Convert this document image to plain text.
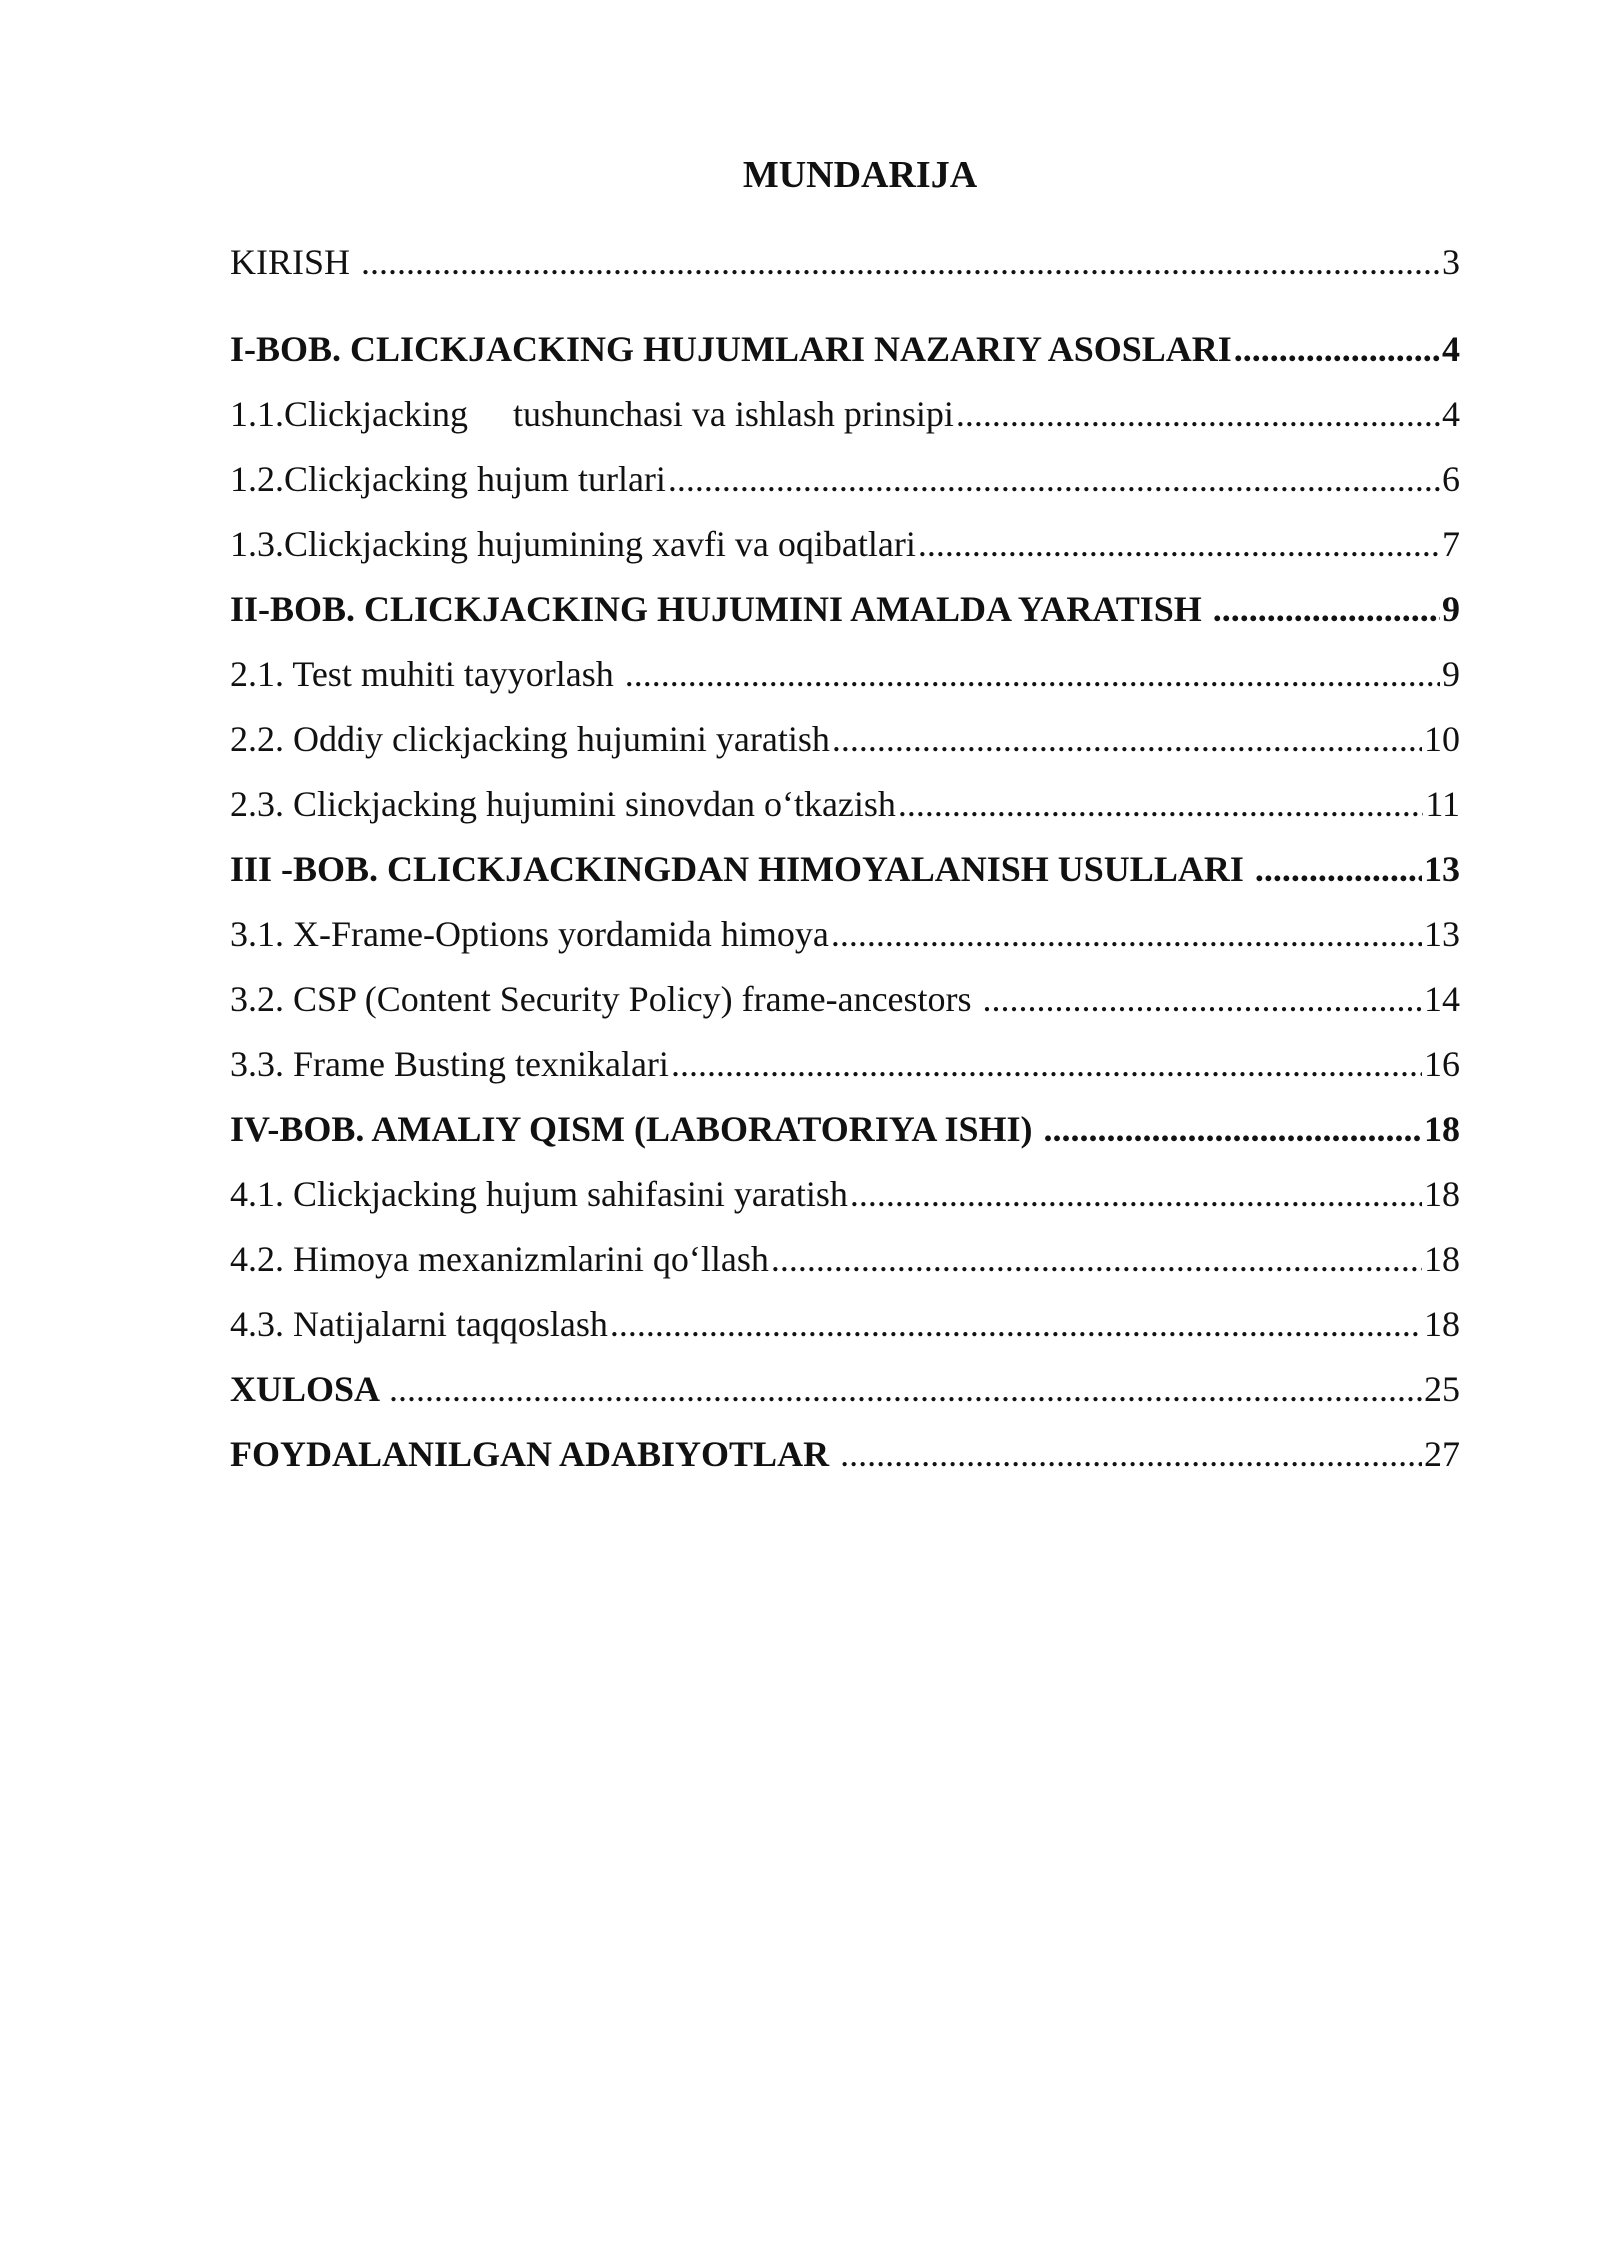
MUNDARIJA
KIRISH .....	3
I-BOB. CLICKJACKING HUJUMLARI NAZARIY ASOSLARI .....	4
1.1.Clickjacking     tushunchasi va ishlash prinsipi .....	4
1.2.Clickjacking hujum turlari .....	6
1.3.Clickjacking hujumining xavfi va oqibatlari .....	7
II-BOB. CLICKJACKING HUJUMINI AMALDA YARATISH .....	9
2.1. Test muhiti tayyorlash .....	9
2.2. Oddiy clickjacking hujumini yaratish .....	10
2.3. Clickjacking hujumini sinovdan o‘tkazish .....	11
III -BOB. CLICKJACKINGDAN HIMOYALANISH USULLARI .....	13
3.1. X-Frame-Options yordamida himoya .....	13
3.2. CSP (Content Security Policy) frame-ancestors .....	14
3.3. Frame Busting texnikalari .....	16
IV-BOB. AMALIY QISM (LABORATORIYA ISHI) .....	18
4.1. Clickjacking hujum sahifasini yaratish .....	18
4.2. Himoya mexanizmlarini qo‘llash .....	18
4.3. Natijalarni taqqoslash .....	18
XULOSA .....	25
FOYDALANILGAN ADABIYOTLAR .....	27
